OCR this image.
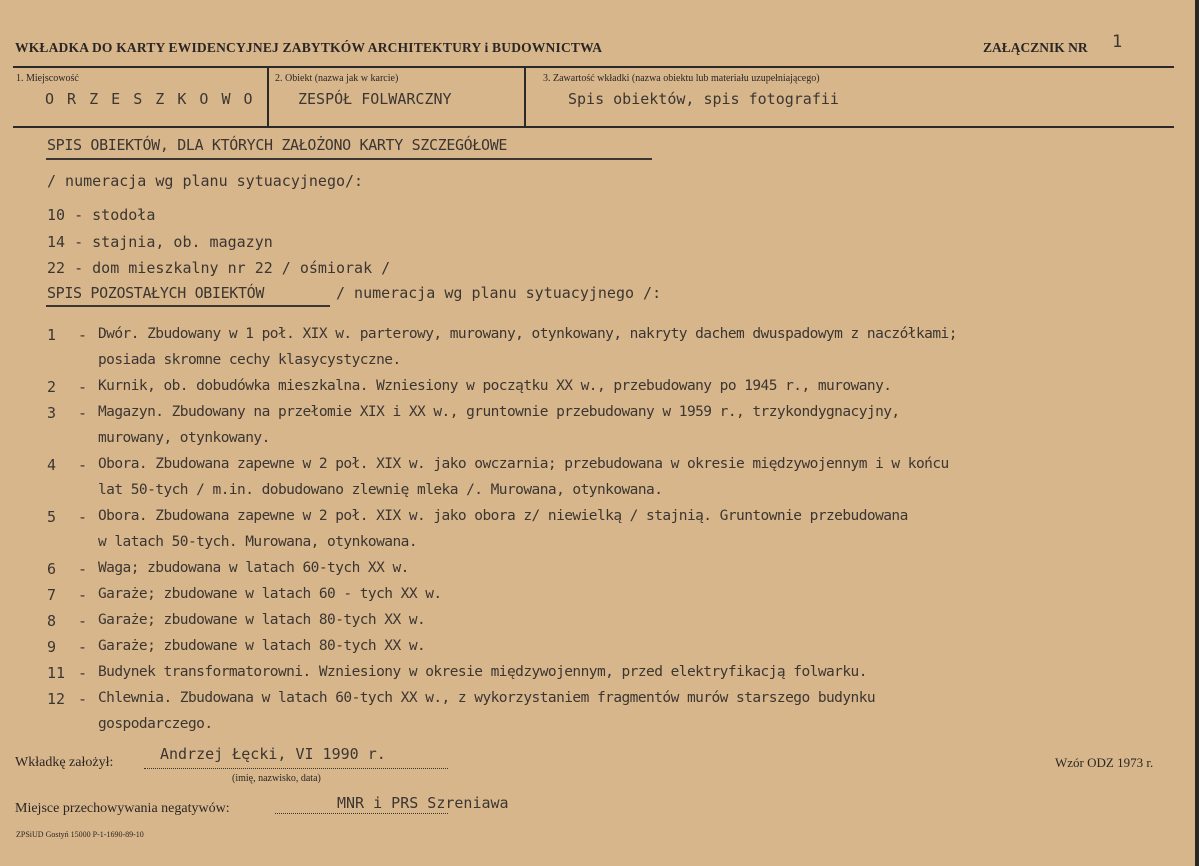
WKŁADKA DO KARTY EWIDENCYJNEJ ZABYTKÓW ARCHITEKTURY i BUDOWNICTWA	ZAŁĄCZNIK NR 1
1. Miejscowość
O R Z E S Z K O W O
2. Obiekt (nazwa jak w karcie)
ZESPÓŁ FOLWARCZNY
3. Zawartość wkładki (nazwa obiektu lub materiału uzupełniającego)
Spis obiektów, spis fotografii
SPIS OBIEKTÓW, DLA KTÓRYCH ZAŁOŻONO KARTY SZCZEGÓŁOWE
/ numeracja wg planu sytuacyjnego/:
10 - stodoła
14 - stajnia, ob. magazyn
22 - dom mieszkalny nr 22 / ośmiorak /
SPIS POZOSTAŁYCH OBIEKTÓW	/ numeracja wg planu sytuacyjnego /:
1 - Dwór. Zbudowany w 1 poł. XIX w. parterowy, murowany, otynkowany, nakryty dachem dwuspadowym z naczółkami;
posiada skromne cechy klasycystyczne.
2 - Kurnik, ob. dobudówka mieszkalna. Wzniesiony w początku XX w., przebudowany po 1945 r., murowany.
3 - Magazyn. Zbudowany na przełomie XIX i XX w., gruntownie przebudowany w 1959 r., trzykondygnacyjny,
murowany, otynkowany.
4 - Obora. Zbudowana zapewne w 2 poł. XIX w. jako owczarnia; przebudowana w okresie międzywojennym i w końcu
lat 50-tych / m.in. dobudowano zlewnię mleka /. Murowana, otynkowana.
5 - Obora. Zbudowana zapewne w 2 poł. XIX w. jako obora z/ niewielką / stajnią. Gruntownie przebudowana
w latach 50-tych. Murowana, otynkowana.
6 - Waga; zbudowana w latach 60-tych XX w.
7 - Garaże; zbudowane w latach 60 - tych XX w.
8 - Garaże; zbudowane w latach 80-tych XX w.
9 - Garaże; zbudowane w latach 80-tych XX w.
11 - Budynek transformatorowni. Wzniesiony w okresie międzywojennym, przed elektryfikacją folwarku.
12 - Chlewnia. Zbudowana w latach 60-tych XX w., z wykorzystaniem fragmentów murów starszego budynku
gospodarczego.
Wkładkę założył:	Andrzej Łęcki, VI 1990 r.
(imię, nazwisko, data)
Wzór ODZ 1973 r.
Miejsce przechowywania negatywów:	MNR i PRS Szreniawa
ZPSiUD Gostyń 15000 P-1-1690-89-10
